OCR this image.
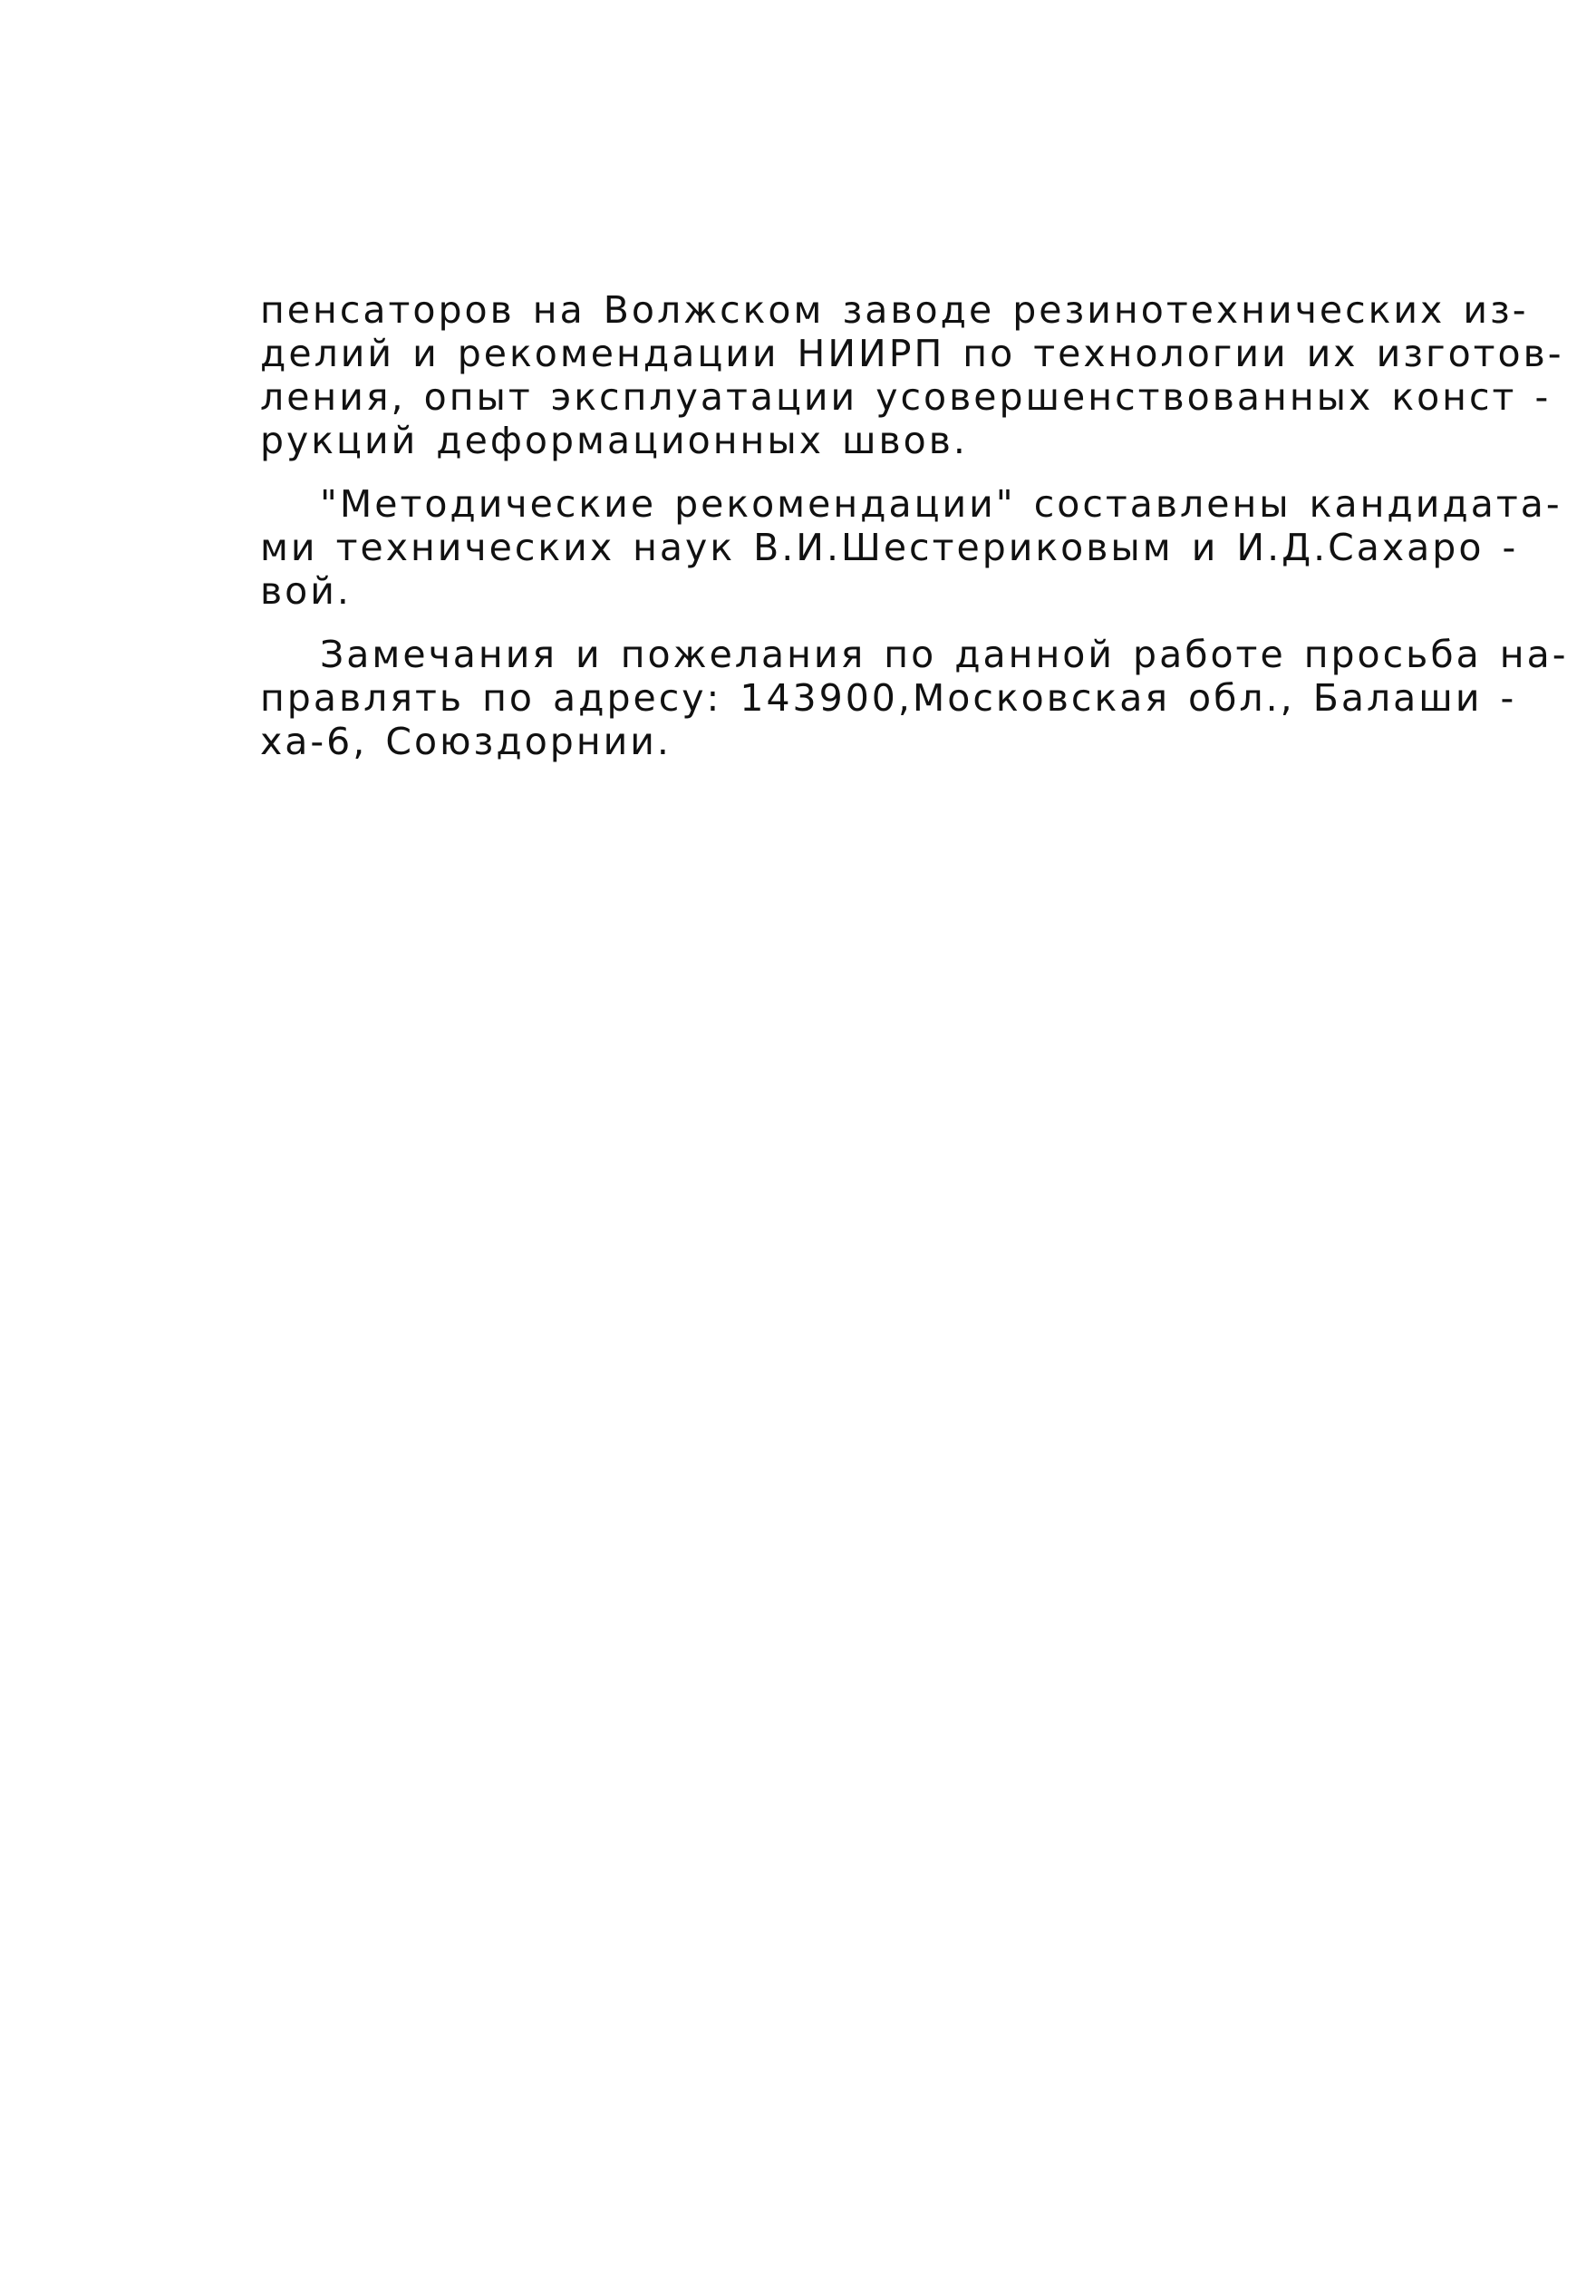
пенсаторов на Волжском заводе резинотехнических из-
делий и рекомендации НИИРП по технологии их изготов-
ления, опыт эксплуатации усовершенствованных конст -
рукций деформационных швов.
"Методические рекомендации" составлены кандидата-
ми технических наук В.И.Шестериковым и И.Д.Сахаро -
вой.
Замечания и пожелания по данной работе просьба на-
правлять по адресу: 143900,Московская обл., Балаши -
ха-6, Союздорнии.
